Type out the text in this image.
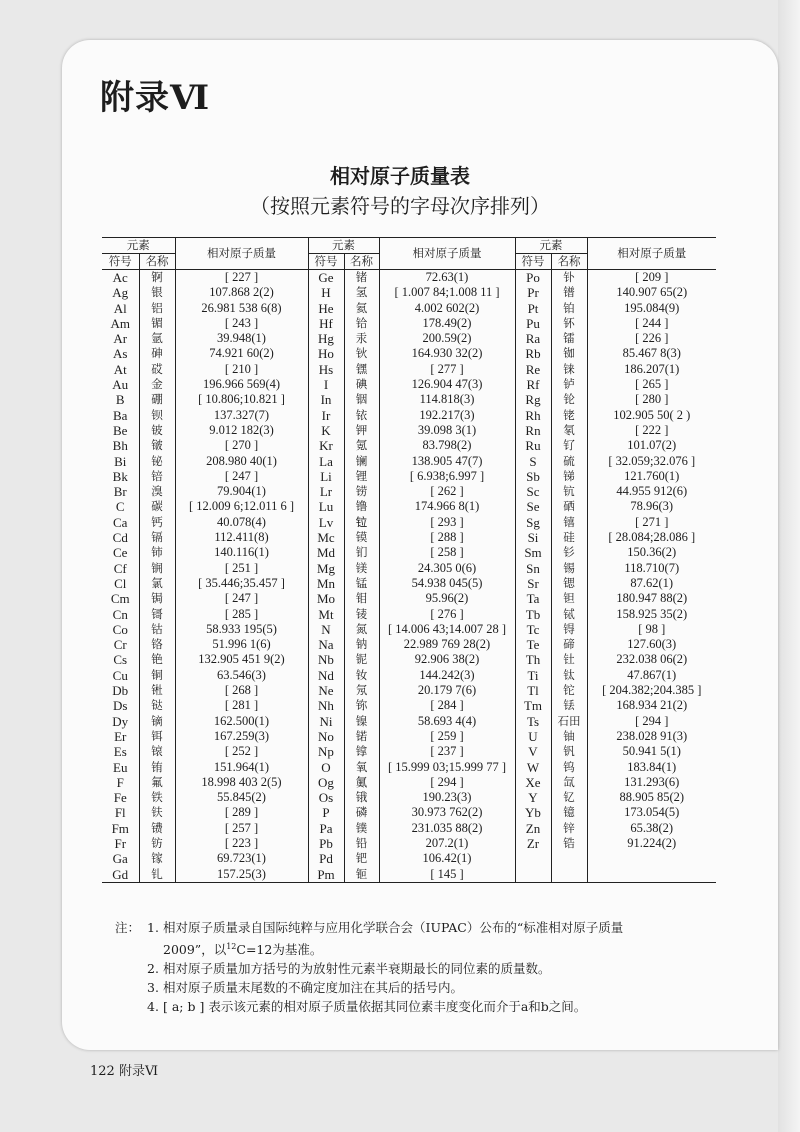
附录Ⅵ
相对原子质量表
（按照元素符号的字母次序排列）
元素		相对原子质量	元素		相对原子质量	元素		相对原子质量
符号	名称		符号	名称		符号	名称	
Ac	锕	[ 227 ]	Ge	锗	72.63(1)	Po	钋	[ 209 ]
Ag	银	107.868 2(2)	H	氢	[ 1.007 84;1.008 11 ]	Pr	镨	140.907 65(2)
Al	铝	26.981 538 6(8)	He	氦	4.002 602(2)	Pt	铂	195.084(9)
Am	镅	[ 243 ]	Hf	铪	178.49(2)	Pu	钚	[ 244 ]
Ar	氩	39.948(1)	Hg	汞	200.59(2)	Ra	镭	[ 226 ]
As	砷	74.921 60(2)	Ho	钬	164.930 32(2)	Rb	铷	85.467 8(3)
At	砹	[ 210 ]	Hs	𬭶	[ 277 ]	Re	铼	186.207(1)
Au	金	196.966 569(4)	I	碘	126.904 47(3)	Rf	𬬻	[ 265 ]
B	硼	[ 10.806;10.821 ]	In	铟	114.818(3)	Rg	𬬭	[ 280 ]
Ba	钡	137.327(7)	Ir	铱	192.217(3)	Rh	铑	102.905 50( 2 )
Be	铍	9.012 182(3)	K	钾	39.098 3(1)	Rn	氡	[ 222 ]
Bh	𬭛	[ 270 ]	Kr	氪	83.798(2)	Ru	钌	101.07(2)
Bi	铋	208.980 40(1)	La	镧	138.905 47(7)	S	硫	[ 32.059;32.076 ]
Bk	锫	[ 247 ]	Li	锂	[ 6.938;6.997 ]	Sb	锑	121.760(1)
Br	溴	79.904(1)	Lr	铹	[ 262 ]	Sc	钪	44.955 912(6)
C	碳	[ 12.009 6;12.011 6 ]	Lu	镥	174.966 8(1)	Se	硒	78.96(3)
Ca	钙	40.078(4)	Lv	𫟷	[ 293 ]	Sg	𬭳	[ 271 ]
Cd	镉	112.411(8)	Mc	镆	[ 288 ]	Si	硅	[ 28.084;28.086 ]
Ce	铈	140.116(1)	Md	钔	[ 258 ]	Sm	钐	150.36(2)
Cf	锎	[ 251 ]	Mg	镁	24.305 0(6)	Sn	锡	118.710(7)
Cl	氯	[ 35.446;35.457 ]	Mn	锰	54.938 045(5)	Sr	锶	87.62(1)
Cm	锔	[ 247 ]	Mo	钼	95.96(2)	Ta	钽	180.947 88(2)
Cn	鿔	[ 285 ]	Mt	鿏	[ 276 ]	Tb	铽	158.925 35(2)
Co	钴	58.933 195(5)	N	氮	[ 14.006 43;14.007 28 ]	Tc	锝	[ 98 ]
Cr	铬	51.996 1(6)	Na	钠	22.989 769 28(2)	Te	碲	127.60(3)
Cs	铯	132.905 451 9(2)	Nb	铌	92.906 38(2)	Th	钍	232.038 06(2)
Cu	铜	63.546(3)	Nd	钕	144.242(3)	Ti	钛	47.867(1)
Db	𬭊	[ 268 ]	Ne	氖	20.179 7(6)	Tl	铊	[ 204.382;204.385 ]
Ds	𫟼	[ 281 ]	Nh	鿭	[ 284 ]	Tm	铥	168.934 21(2)
Dy	镝	162.500(1)	Ni	镍	58.693 4(4)	Ts	石田	[ 294 ]
Er	铒	167.259(3)	No	锘	[ 259 ]	U	铀	238.028 91(3)
Es	锿	[ 252 ]	Np	镎	[ 237 ]	V	钒	50.941 5(1)
Eu	铕	151.964(1)	O	氧	[ 15.999 03;15.999 77 ]	W	钨	183.84(1)
F	氟	18.998 403 2(5)	Og	鿫	[ 294 ]	Xe	氙	131.293(6)
Fe	铁	55.845(2)	Os	锇	190.23(3)	Y	钇	88.905 85(2)
Fl	𫓧	[ 289 ]	P	磷	30.973 762(2)	Yb	镱	173.054(5)
Fm	镄	[ 257 ]	Pa	镤	231.035 88(2)	Zn	锌	65.38(2)
Fr	钫	[ 223 ]	Pb	铅	207.2(1)	Zr	锆	91.224(2)
Ga	镓	69.723(1)	Pd	钯	106.42(1)			
Gd	钆	157.25(3)	Pm	钷	[ 145 ]			
注： 1. 相对原子质量录自国际纯粹与应用化学联合会（IUPAC）公布的“标准相对原子质量
2009”，以$^{12}$C=12为基准。
2. 相对原子质量加方括号的为放射性元素半衰期最长的同位素的质量数。
3. 相对原子质量末尾数的不确定度加注在其后的括号内。
4. [ a; b ] 表示该元素的相对原子质量依据其同位素丰度变化而介于a和b之间。
122 附录Ⅵ
